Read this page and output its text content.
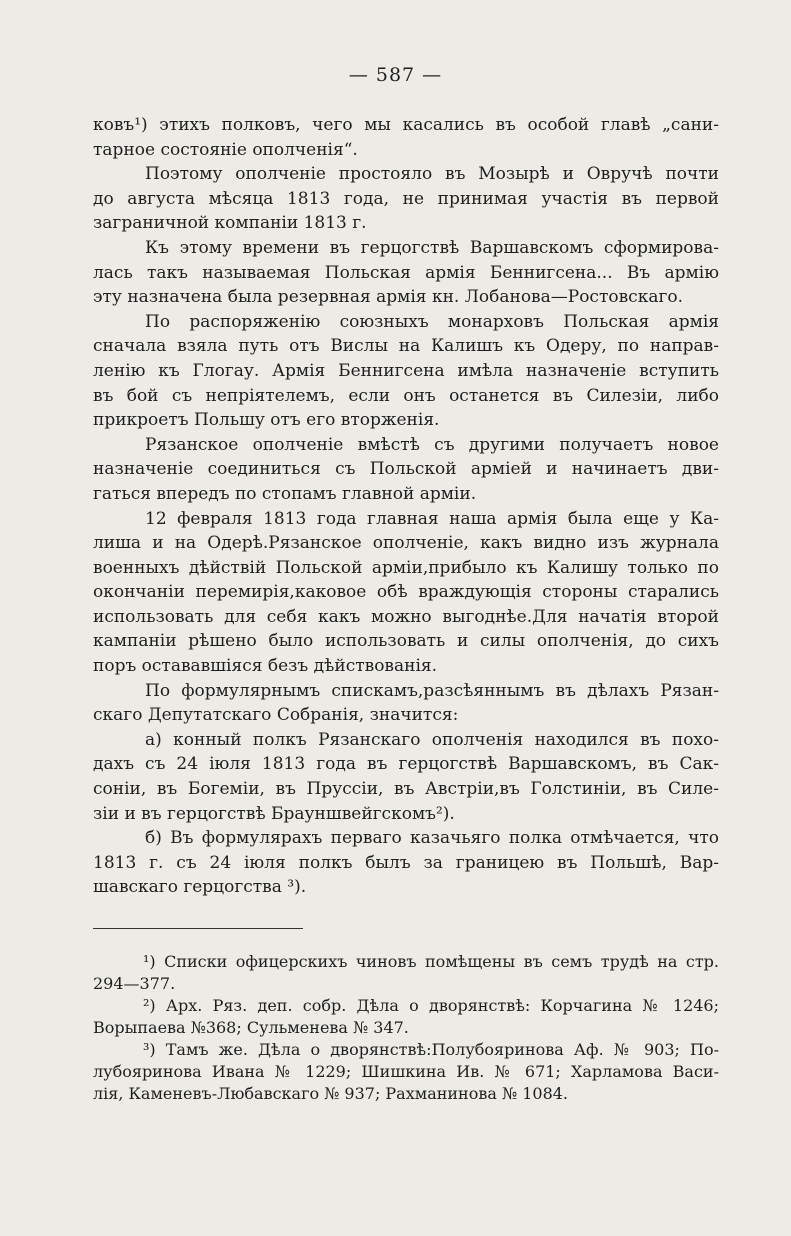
— 587 —
ковъ¹) этихъ полковъ, чего мы касались въ особой главѣ „сани-
тарное состояніе ополченія“.
Поэтому ополченіе простояло въ Мозырѣ и Овручѣ почти
до августа мѣсяца 1813 года, не принимая участія въ первой
заграничной компаніи 1813 г.
Къ этому времени въ герцогствѣ Варшавскомъ сформирова-
лась такъ называемая Польская армія Беннигсена... Въ армію
эту назначена была резервная армія кн. Лобанова—Ростовскаго.
По распоряженію союзныхъ монарховъ Польская армія
сначала взяла путь отъ Вислы на Калишъ къ Одеру, по направ-
ленію къ Глогау. Армія Беннигсена имѣла назначеніе вступить
въ бой съ непріятелемъ, если онъ останется въ Силезіи, либо
прикроетъ Польшу отъ его вторженія.
Рязанское ополченіе вмѣстѣ съ другими получаетъ новое
назначеніе соединиться съ Польской арміей и начинаетъ дви-
гаться впередъ по стопамъ главной арміи.
12 февраля 1813 года главная наша армія была еще у Ка-
лиша и на Одерѣ.Рязанское ополченіе, какъ видно изъ журнала
военныхъ дѣйствій Польской арміи,прибыло къ Калишу только по
окончаніи перемирія,каковое обѣ враждующія стороны старались
использовать для себя какъ можно выгоднѣе.Для начатія второй
кампаніи рѣшено было использовать и силы ополченія, до сихъ
поръ остававшіяся безъ дѣйствованія.
По формулярнымъ спискамъ,разсѣяннымъ въ дѣлахъ Рязан-
скаго Депутатскаго Собранія, значится:
а) конный полкъ Рязанскаго ополченія находился въ похо-
дахъ съ 24 іюля 1813 года въ герцогствѣ Варшавскомъ, въ Сак-
соніи, въ Богеміи, въ Пруссіи, въ Австріи,въ Голстиніи, въ Силе-
зіи и въ герцогствѣ Брауншвейгскомъ²).
б) Въ формулярахъ перваго казачьяго полка отмѣчается, что
1813 г. съ 24 іюля полкъ былъ за границею въ Польшѣ, Вар-
шавскаго герцогства ³).
¹) Списки офицерскихъ чиновъ помѣщены въ семъ трудѣ на стр.
294—377.
²) Арх. Ряз. деп. собр. Дѣла о дворянствѣ: Корчагина № 1246;
Ворыпаева №368; Сульменева № 347.
³) Тамъ же. Дѣла о дворянствѣ:Полубояринова Аф. № 903; По-
лубояринова Ивана № 1229; Шишкина Ив. № 671; Харламова Васи-
лія, Каменевъ-Любавскаго № 937; Рахманинова № 1084.
